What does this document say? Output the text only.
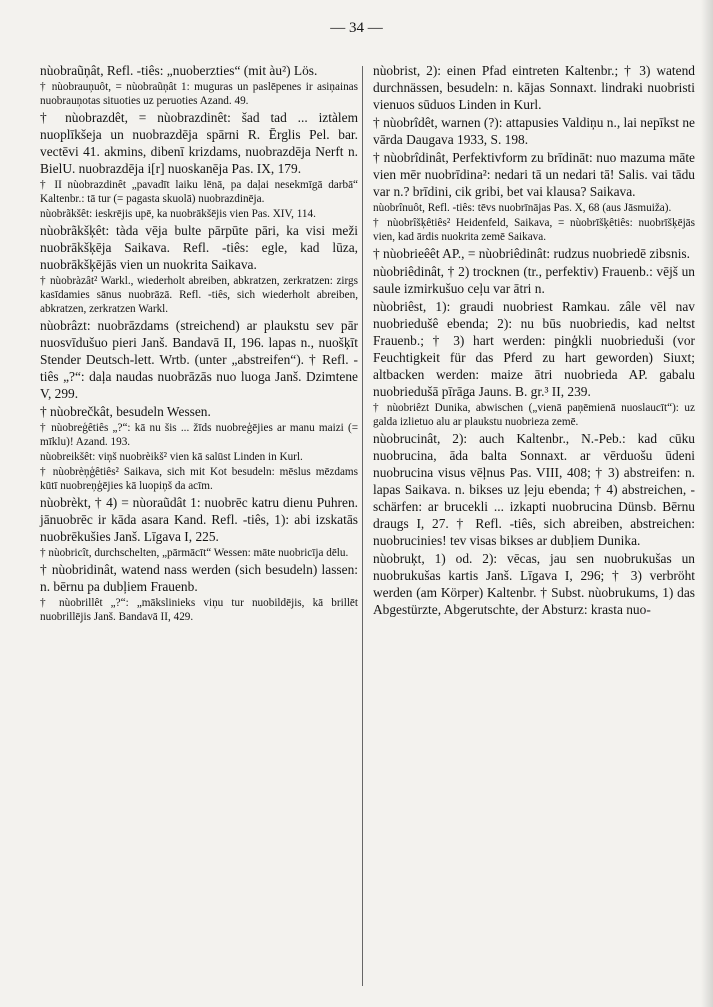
— 34 —

nùobraũņât, Refl. -tiês: „nuoberzties“ (mit àu²) Lös.

† nùobrauņuôt, = nùobraũņât 1: muguras un paslēpenes ir asiņainas nuobrauņotas situoties uz peruoties Azand. 49.

† nùobrazdêt, = nùobrazdinêt: šad tad ... iztàlem nuoplīkšeja un nuobrazdēja spārni R. Ērglis Pel. bar. vectēvi 41. akmins, dibenī krizdams, nuobrazdēja Nerft n. BielU. nuobrazdēja i[r] nuoskanēja Pas. IX, 179.

† II nùobrazdinêt „pavadīt laiku lēnā, pa daļai nesekmīgā darbā“ Kaltenbr.: tā tur (= pagasta skuolā) nuobrazdinēja.

nùobrãkšêt: ieskrējis upē, ka nuobrākšējis vien Pas. XIV, 114.

nùobrãkšķêt: tàda vēja bulte pārpūte pāri, ka visi meži nuobrākšķēja Saikava. Refl. -tiês: egle, kad lūza, nuobrākšķējās vien un nuokrita Saikava.

† nùobràzât² Warkl., wiederholt abreiben, abkratzen, zerkratzen: zirgs kasīdamies sānus nuobrāzā. Refl. -tiês, sich wiederholt abreiben, abkratzen, zerkratzen Warkl.

nùobrâzt: nuobrāzdams (streichend) ar plaukstu sev pār nuosvīdušuo pieri Janš. Bandavā II, 196. lapas n., nuošķīt Stender Deutsch-lett. Wrtb. (unter „abstreifen“). † Refl. -tiês „?“: daļa naudas nuobrāzās nuo luoga Janš. Dzimtene V, 299.

† nùobrečkât, besudeln Wessen.

† nùobreģêtiês „?“: kā nu šis ... žīds nuobreģējies ar manu maizi (= mīklu)! Azand. 193.

nùobreikšêt: viņš nuobrèikš² vien kā salūst Linden in Kurl.

† nùobrèņģêtiês² Saikava, sich mit Kot besudeln: mēslus mēzdams kūtī nuobreņģējies kā luopiņš da acīm.

nùobrèkt, † 4) = nùoraũdât 1: nuobrēc katru dienu Puhren. jānuobrēc ir kāda asara Kand. Refl. -tiês, 1): abi izskatās nuobrēkušies Janš. Līgava I, 225.

† nùobricît, durchschelten, „pārmācīt“ Wessen: māte nuobricīja dēlu.

† nùobridinât, watend nass werden (sich besudeln) lassen: n. bērnu pa dubļiem Frauenb.

† nùobrillêt „?“: „mākslinieks viņu tur nuobildējis, kā brillēt nuobrillējis Janš. Bandavā II, 429.

nùobrist, 2): einen Pfad eintreten Kaltenbr.; † 3) watend durchnässen, besudeln: n. kājas Sonnaxt. lindraki nuobristi vienuos sūduos Linden in Kurl.

† nùobrîdêt, warnen (?): attapusies Valdiņu n., lai nepīkst ne vārda Daugava 1933, S. 198.

† nùobrîdinât, Perfektivform zu brīdināt: nuo mazuma māte vien mēr nuobrīdina²: nedari tā un nedari tā! Salis. vai tādu var n.? brīdini, cik gribi, bet vai klausa? Saikava.

nùobrînuôt, Refl. -tiês: tēvs nuobrīnājas Pas. X, 68 (aus Jāsmuiža).

† nùobrîšķêtiês² Heidenfeld, Saikava, = nùobrīšķêtiês: nuobrīšķējās vien, kad ārdis nuokrita zemē Saikava.

† nùobrieêêt AP., = nùobriêdinât: rudzus nuobriedē zibsnis.

nùobriêdinât, † 2) trocknen (tr., perfektiv) Frauenb.: vējš un saule izmirkušuo ceļu var ātri n.

nùobriêst, 1): graudi nuobriest Ramkau. zâle vēl nav nuobriedušê ebenda; 2): nu būs nuobriedis, kad neltst Frauenb.; † 3) hart werden: pinģkli nuobrieduši (vor Feuchtigkeit für das Pferd zu hart geworden) Siuxt; altbacken werden: maize ātri nuobrieda AP. gabalu nuobriedušā pīrāga Jauns. B. gr.³ II, 239.

† nùobriêzt Dunika, abwischen („vienā paņēmienā nuoslaucīt“): uz galda izlietuo alu ar plaukstu nuobrieza zemē.

nùobrucinât, 2): auch Kaltenbr., N.-Peb.: kad cūku nuobrucina, āda balta Sonnaxt. ar vērduošu ūdeni nuobrucina visus vēļnus Pas. VIII, 408; † 3) abstreifen: n. lapas Saikava. n. bikses uz ļeju ebenda; † 4) abstreichen, -schärfen: ar brucekli ... izkapti nuobrucina Dünsb. Bērnu draugs I, 27. † Refl. -tiês, sich abreiben, abstreichen: nuobrucinies! tev visas bikses ar dubļiem Dunika.

nùobruķt, 1) od. 2): vēcas, jau sen nuobrukušas un nuobrukušas kartis Janš. Līgava I, 296; † 3) verbröht werden (am Körper) Kaltenbr. † Subst. nùobrukums, 1) das Abgestürzte, Abgerutschte, der Absturz: krasta nuo-
